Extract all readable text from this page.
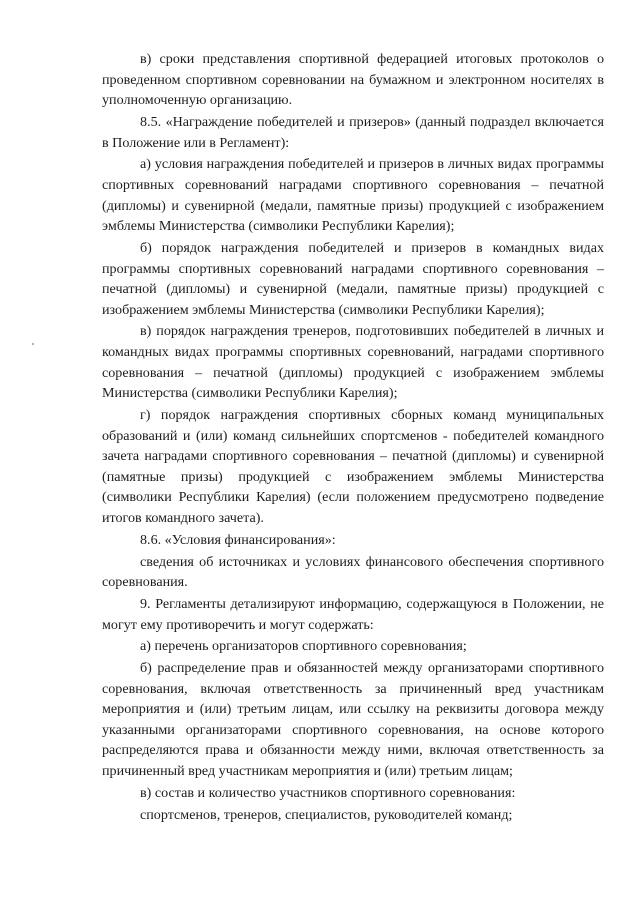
в) сроки представления спортивной федерацией итоговых протоколов о проведенном спортивном соревновании на бумажном и электронном носителях в уполномоченную организацию.

8.5. «Награждение победителей и призеров» (данный подраздел включается в Положение или в Регламент):

а) условия награждения победителей и призеров в личных видах программы спортивных соревнований наградами спортивного соревнования – печатной (дипломы) и сувенирной (медали, памятные призы) продукцией с изображением эмблемы Министерства (символики Республики Карелия);

б) порядок награждения победителей и призеров в командных видах программы спортивных соревнований наградами спортивного соревнования – печатной (дипломы) и сувенирной (медали, памятные призы) продукцией с изображением эмблемы Министерства (символики Республики Карелия);

в) порядок награждения тренеров, подготовивших победителей в личных и командных видах программы спортивных соревнований, наградами спортивного соревнования – печатной (дипломы) продукцией с изображением эмблемы Министерства (символики Республики Карелия);

г) порядок награждения спортивных сборных команд муниципальных образований и (или) команд сильнейших спортсменов - победителей командного зачета наградами спортивного соревнования – печатной (дипломы) и сувенирной (памятные призы) продукцией с изображением эмблемы Министерства (символики Республики Карелия) (если положением предусмотрено подведение итогов командного зачета).

8.6. «Условия финансирования»:

сведения об источниках и условиях финансового обеспечения спортивного соревнования.

9. Регламенты детализируют информацию, содержащуюся в Положении, не могут ему противоречить и могут содержать:

а) перечень организаторов спортивного соревнования;

б) распределение прав и обязанностей между организаторами спортивного соревнования, включая ответственность за причиненный вред участникам мероприятия и (или) третьим лицам, или ссылку на реквизиты договора между указанными организаторами спортивного соревнования, на основе которого распределяются права и обязанности между ними, включая ответственность за причиненный вред участникам мероприятия и (или) третьим лицам;

в) состав и количество участников спортивного соревнования:

спортсменов, тренеров, специалистов, руководителей команд;
